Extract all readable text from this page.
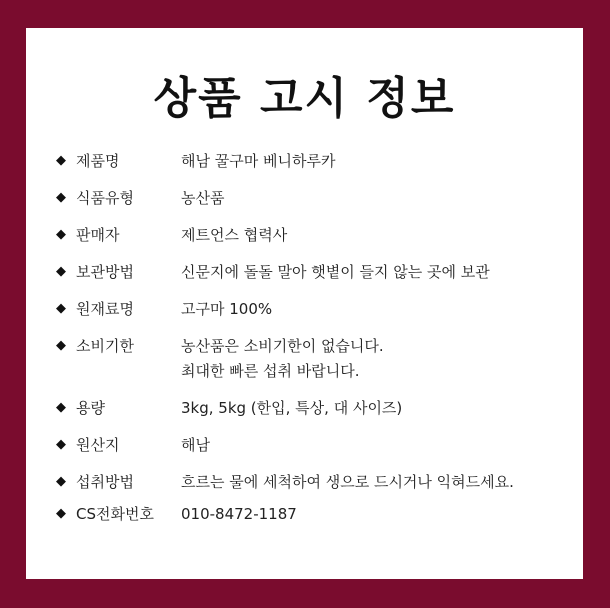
상품 고시 정보
◆ 제품명	해남 꿀구마 베니하루카
◆ 식품유형	농산품
◆ 판매자	제트언스 협력사
◆ 보관방법	신문지에 돌돌 말아 햇볕이 들지 않는 곳에 보관
◆ 원재료명	고구마 100%
◆ 소비기한	농산품은 소비기한이 없습니다.
최대한 빠른 섭취 바랍니다.
◆ 용량	3kg, 5kg (한입, 특상, 대 사이즈)
◆ 원산지	해남
◆ 섭취방법	흐르는 물에 세척하여 생으로 드시거나 익혀드세요.
◆ CS전화번호	010-8472-1187
